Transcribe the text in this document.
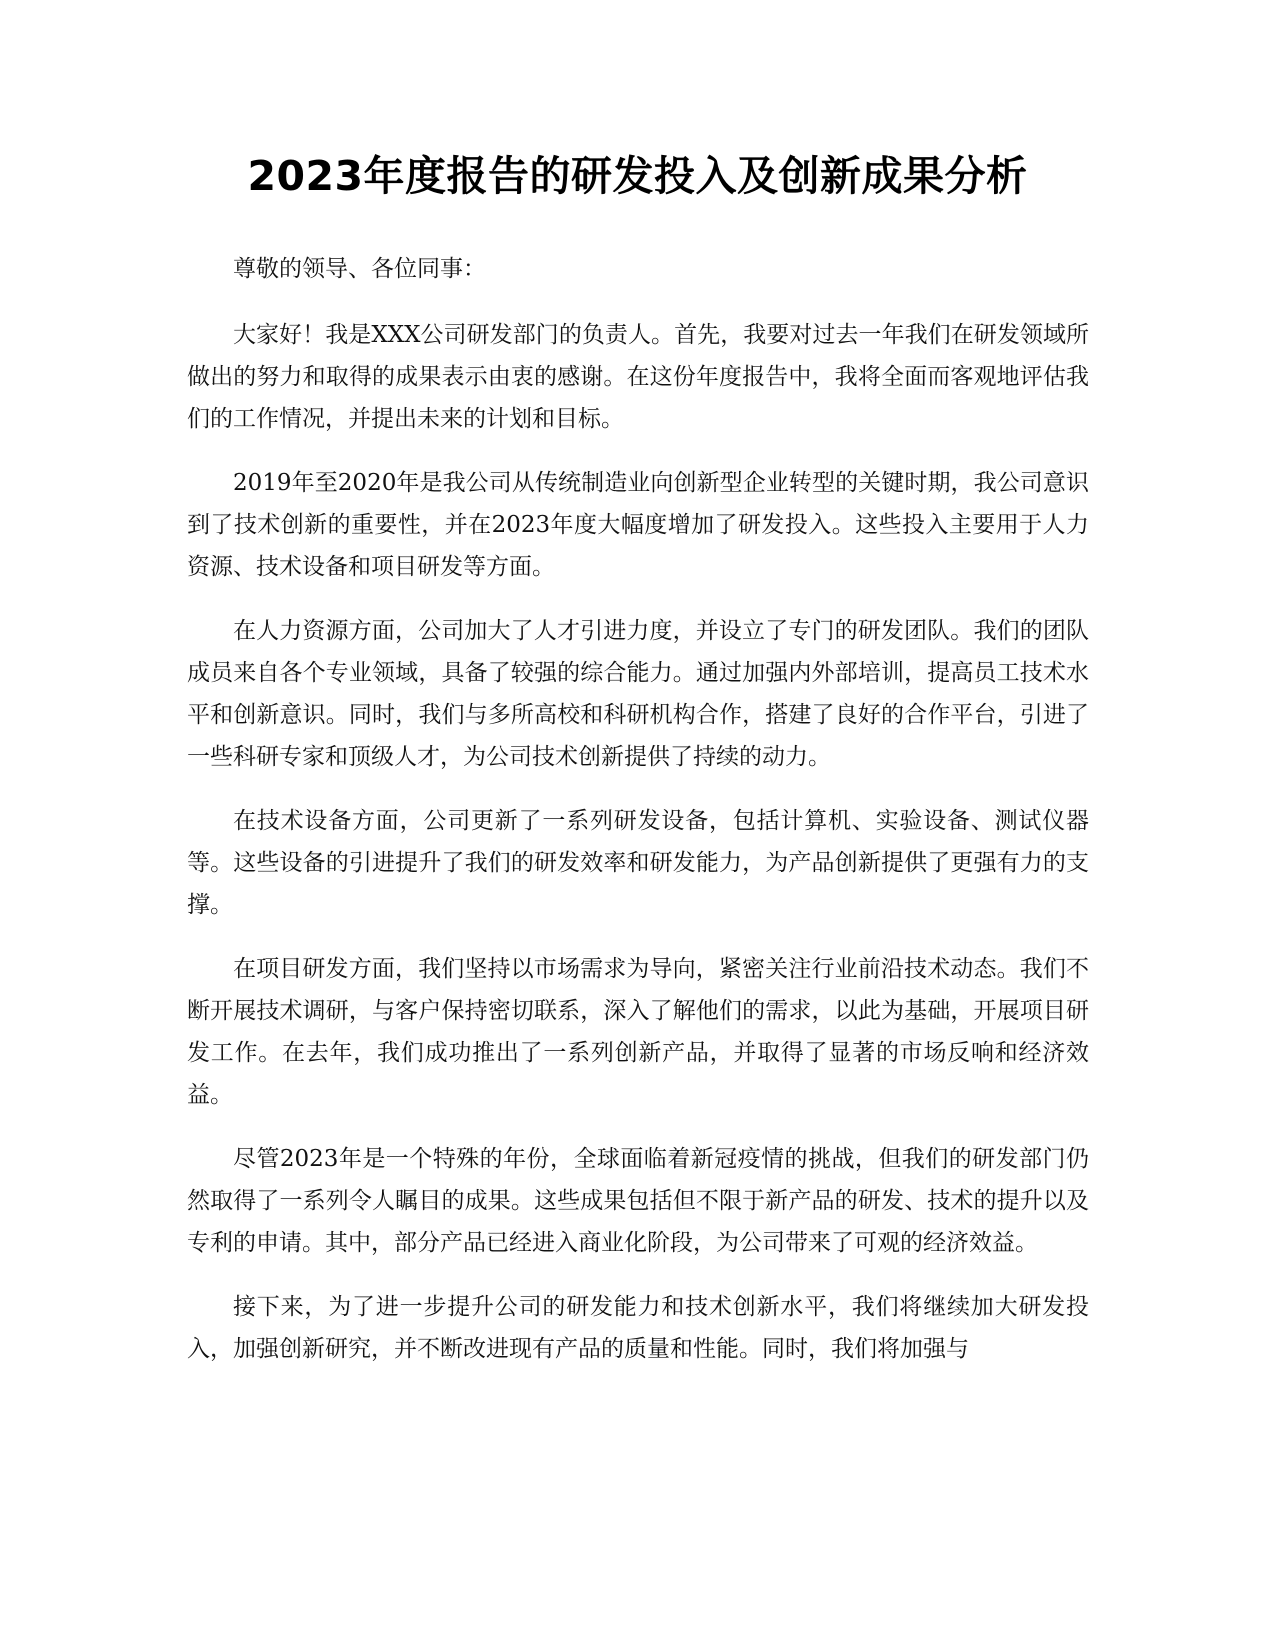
2023年度报告的研发投入及创新成果分析

尊敬的领导、各位同事：

大家好！我是XXX公司研发部门的负责人。首先，我要对过去一年我们在研发领域所做出的努力和取得的成果表示由衷的感谢。在这份年度报告中，我将全面而客观地评估我们的工作情况，并提出未来的计划和目标。

2019年至2020年是我公司从传统制造业向创新型企业转型的关键时期，我公司意识到了技术创新的重要性，并在2023年度大幅度增加了研发投入。这些投入主要用于人力资源、技术设备和项目研发等方面。

在人力资源方面，公司加大了人才引进力度，并设立了专门的研发团队。我们的团队成员来自各个专业领域，具备了较强的综合能力。通过加强内外部培训，提高员工技术水平和创新意识。同时，我们与多所高校和科研机构合作，搭建了良好的合作平台，引进了一些科研专家和顶级人才，为公司技术创新提供了持续的动力。

在技术设备方面，公司更新了一系列研发设备，包括计算机、实验设备、测试仪器等。这些设备的引进提升了我们的研发效率和研发能力，为产品创新提供了更强有力的支撑。

在项目研发方面，我们坚持以市场需求为导向，紧密关注行业前沿技术动态。我们不断开展技术调研，与客户保持密切联系，深入了解他们的需求，以此为基础，开展项目研发工作。在去年，我们成功推出了一系列创新产品，并取得了显著的市场反响和经济效益。

尽管2023年是一个特殊的年份，全球面临着新冠疫情的挑战，但我们的研发部门仍然取得了一系列令人瞩目的成果。这些成果包括但不限于新产品的研发、技术的提升以及专利的申请。其中，部分产品已经进入商业化阶段，为公司带来了可观的经济效益。

接下来，为了进一步提升公司的研发能力和技术创新水平，我们将继续加大研发投入，加强创新研究，并不断改进现有产品的质量和性能。同时，我们将加强与
